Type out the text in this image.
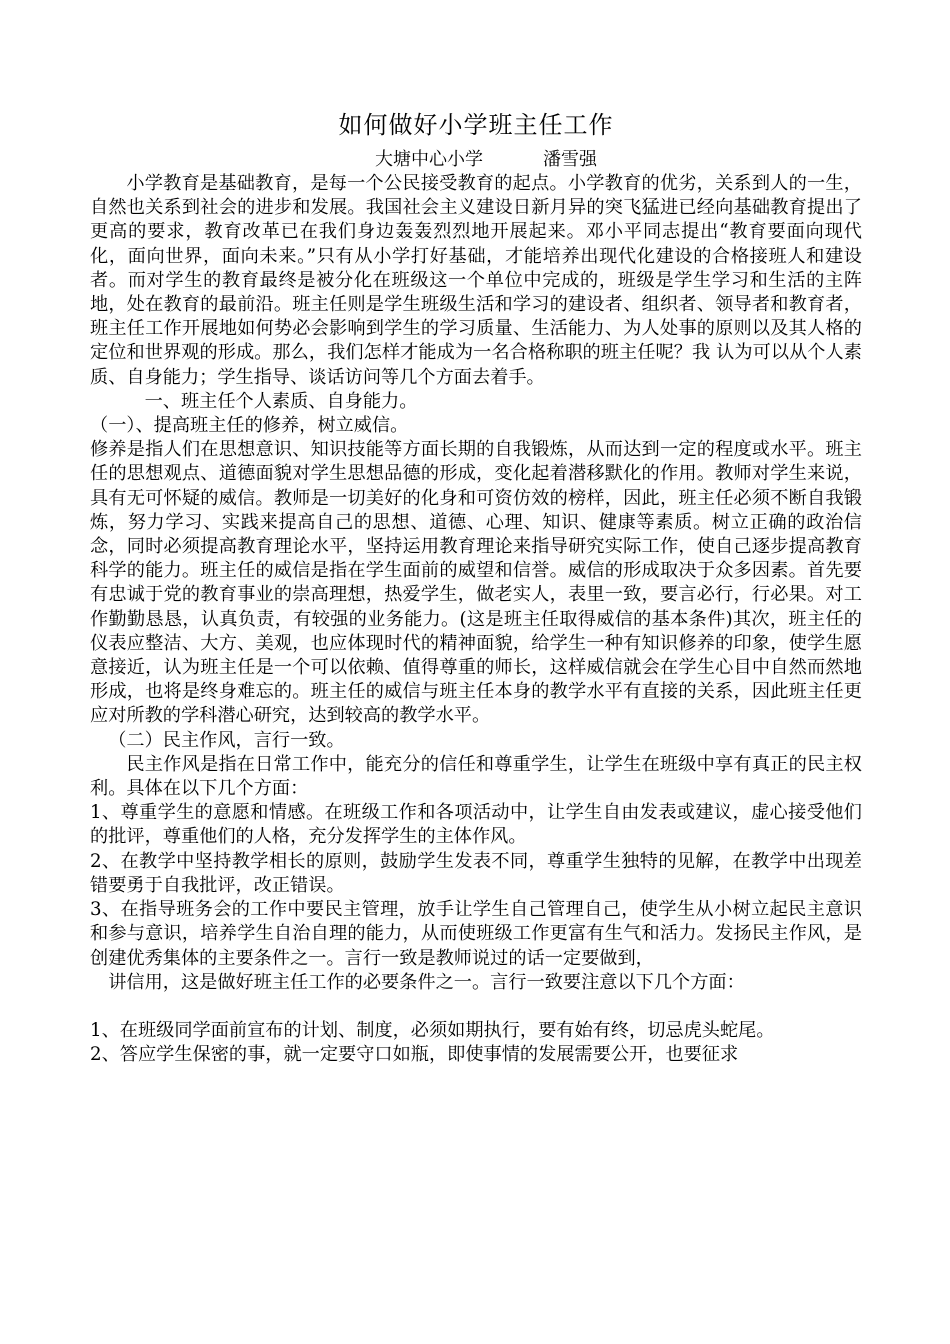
如何做好小学班主任工作

大塘中心小学	潘雪强

小学教育是基础教育，是每一个公民接受教育的起点。小学教育的优劣，关系到人的一生，自然也关系到社会的进步和发展。我国社会主义建设日新月异的突飞猛进已经向基础教育提出了更高的要求，教育改革已在我们身边轰轰烈烈地开展起来。邓小平同志提出“教育要面向现代化，面向世界，面向未来。”只有从小学打好基础，才能培养出现代化建设的合格接班人和建设者。而对学生的教育最终是被分化在班级这一个单位中完成的，班级是学生学习和生活的主阵地，处在教育的最前沿。班主任则是学生班级生活和学习的建设者、组织者、领导者和教育者，班主任工作开展地如何势必会影响到学生的学习质量、生活能力、为人处事的原则以及其人格的定位和世界观的形成。那么，我们怎样才能成为一名合格称职的班主任呢？我 认为可以从个人素质、自身能力；学生指导、谈话访问等几个方面去着手。

一、班主任个人素质、自身能力。

（一）、提高班主任的修养，树立威信。

修养是指人们在思想意识、知识技能等方面长期的自我锻炼，从而达到一定的程度或水平。班主任的思想观点、道德面貌对学生思想品德的形成，变化起着潜移默化的作用。教师对学生来说，具有无可怀疑的威信。教师是一切美好的化身和可资仿效的榜样，因此，班主任必须不断自我锻炼，努力学习、实践来提高自己的思想、道德、心理、知识、健康等素质。树立正确的政治信念，同时必须提高教育理论水平，坚持运用教育理论来指导研究实际工作，使自己逐步提高教育科学的能力。班主任的威信是指在学生面前的威望和信誉。威信的形成取决于众多因素。首先要有忠诚于党的教育事业的崇高理想，热爱学生，做老实人，表里一致，要言必行，行必果。对工作勤勤恳恳，认真负责，有较强的业务能力。(这是班主任取得威信的基本条件)其次，班主任的仪表应整洁、大方、美观，也应体现时代的精神面貌，给学生一种有知识修养的印象，使学生愿意接近，认为班主任是一个可以依赖、值得尊重的师长，这样威信就会在学生心目中自然而然地形成，也将是终身难忘的。班主任的威信与班主任本身的教学水平有直接的关系，因此班主任更应对所教的学科潜心研究，达到较高的教学水平。

（二）民主作风，言行一致。

民主作风是指在日常工作中，能充分的信任和尊重学生，让学生在班级中享有真正的民主权利。具体在以下几个方面：

1、尊重学生的意愿和情感。在班级工作和各项活动中，让学生自由发表或建议，虚心接受他们的批评，尊重他们的人格，充分发挥学生的主体作风。

2、在教学中坚持教学相长的原则，鼓励学生发表不同，尊重学生独特的见解，在教学中出现差错要勇于自我批评，改正错误。

3、在指导班务会的工作中要民主管理，放手让学生自己管理自己，使学生从小树立起民主意识和参与意识，培养学生自治自理的能力，从而使班级工作更富有生气和活力。发扬民主作风，是创建优秀集体的主要条件之一。言行一致是教师说过的话一定要做到，

讲信用，这是做好班主任工作的必要条件之一。言行一致要注意以下几个方面：

1、在班级同学面前宣布的计划、制度，必须如期执行，要有始有终，切忌虎头蛇尾。

2、答应学生保密的事，就一定要守口如瓶，即使事情的发展需要公开，也要征求
